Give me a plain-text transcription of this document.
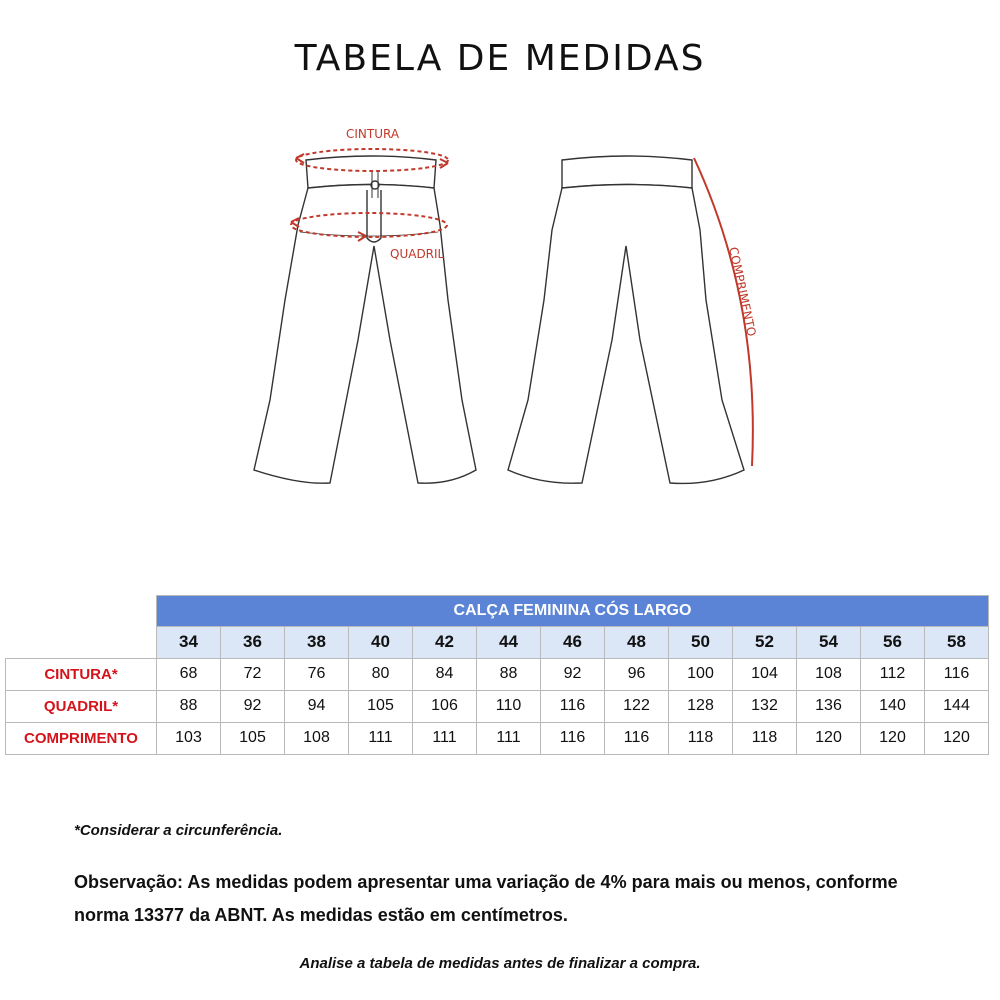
TABELA DE MEDIDAS
CINTURA
QUADRIL	COMPRIMENTO
	CALÇA FEMININA CÓS LARGO												
	34	36	38	40	42	44	46	48	50	52	54	56	58
CINTURA*	68	72	76	80	84	88	92	96	100	104	108	112	116
QUADRIL*	88	92	94	105	106	110	116	122	128	132	136	140	144
COMPRIMENTO	103	105	108	111	111	111	116	116	118	118	120	120	120

*Considerar a circunferência.

Observação: As medidas podem apresentar uma variação de 4% para mais ou menos, conforme norma 13377 da ABNT. As medidas estão em centímetros.

Analise a tabela de medidas antes de finalizar a compra.
